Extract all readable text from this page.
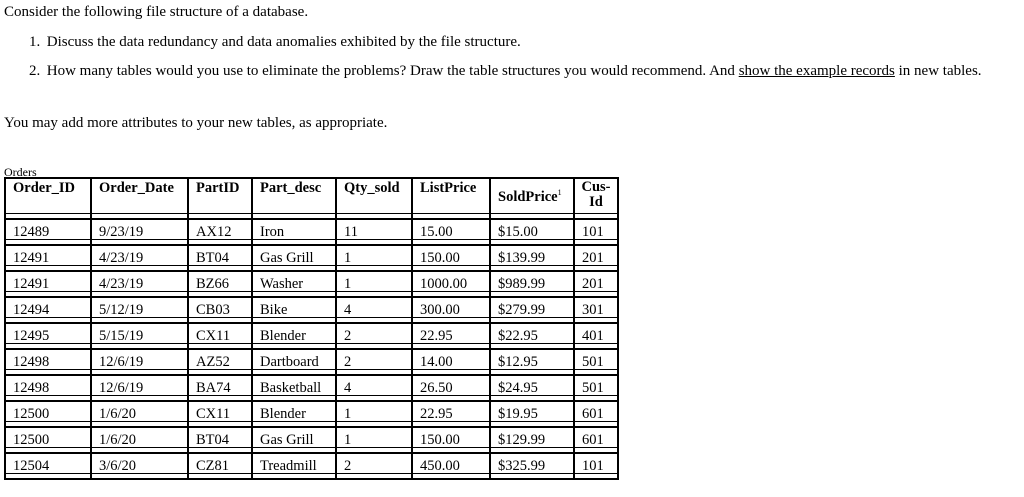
Consider the following file structure of a database.
1. Discuss the data redundancy and data anomalies exhibited by the file structure.
2. How many tables would you use to eliminate the problems? Draw the table structures you would recommend. And show the example records in new tables.
You may add more attributes to your new tables, as appropriate.
Orders
Order_ID	Order_Date	PartID	Part_desc	Qty_sold	ListPrice	SoldPrice$^1$	Cus-
Id
12489	9/23/19	AX12	Iron	11	15.00	$15.00	101
12491	4/23/19	BT04	Gas Grill	1	150.00	$139.99	201
12491	4/23/19	BZ66	Washer	1	1000.00	$989.99	201
12494	5/12/19	CB03	Bike	4	300.00	$279.99	301
12495	5/15/19	CX11	Blender	2	22.95	$22.95	401
12498	12/6/19	AZ52	Dartboard	2	14.00	$12.95	501
12498	12/6/19	BA74	Basketball	4	26.50	$24.95	501
12500	1/6/20	CX11	Blender	1	22.95	$19.95	601
12500	1/6/20	BT04	Gas Grill	1	150.00	$129.99	601
12504	3/6/20	CZ81	Treadmill	2	450.00	$325.99	101
